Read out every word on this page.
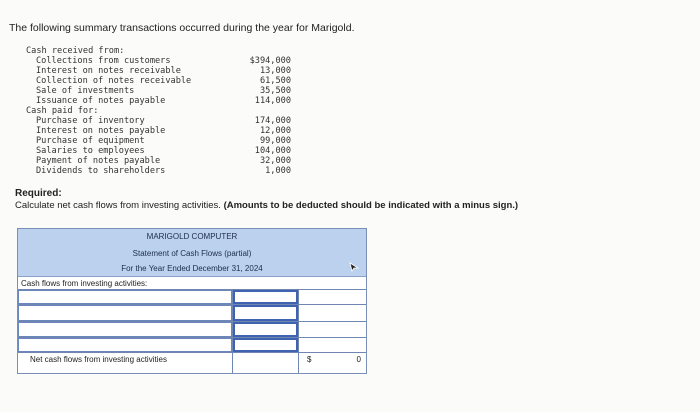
The following summary transactions occurred during the year for Marigold.
Cash received from:
Collections from customers	$394,000
Interest on notes receivable	13,000
Collection of notes receivable	61,500
Sale of investments	35,500
Issuance of notes payable	114,000
Cash paid for:
Purchase of inventory	174,000
Interest on notes payable	12,000
Purchase of equipment	99,000
Salaries to employees	104,000
Payment of notes payable	32,000
Dividends to shareholders	1,000
Required:
Calculate net cash flows from investing activities. (Amounts to be deducted should be indicated with a minus sign.)
MARIGOLD COMPUTER
Statement of Cash Flows (partial)
For the Year Ended December 31, 2024
Cash flows from investing activities:
Net cash flows from investing activities	$	0
